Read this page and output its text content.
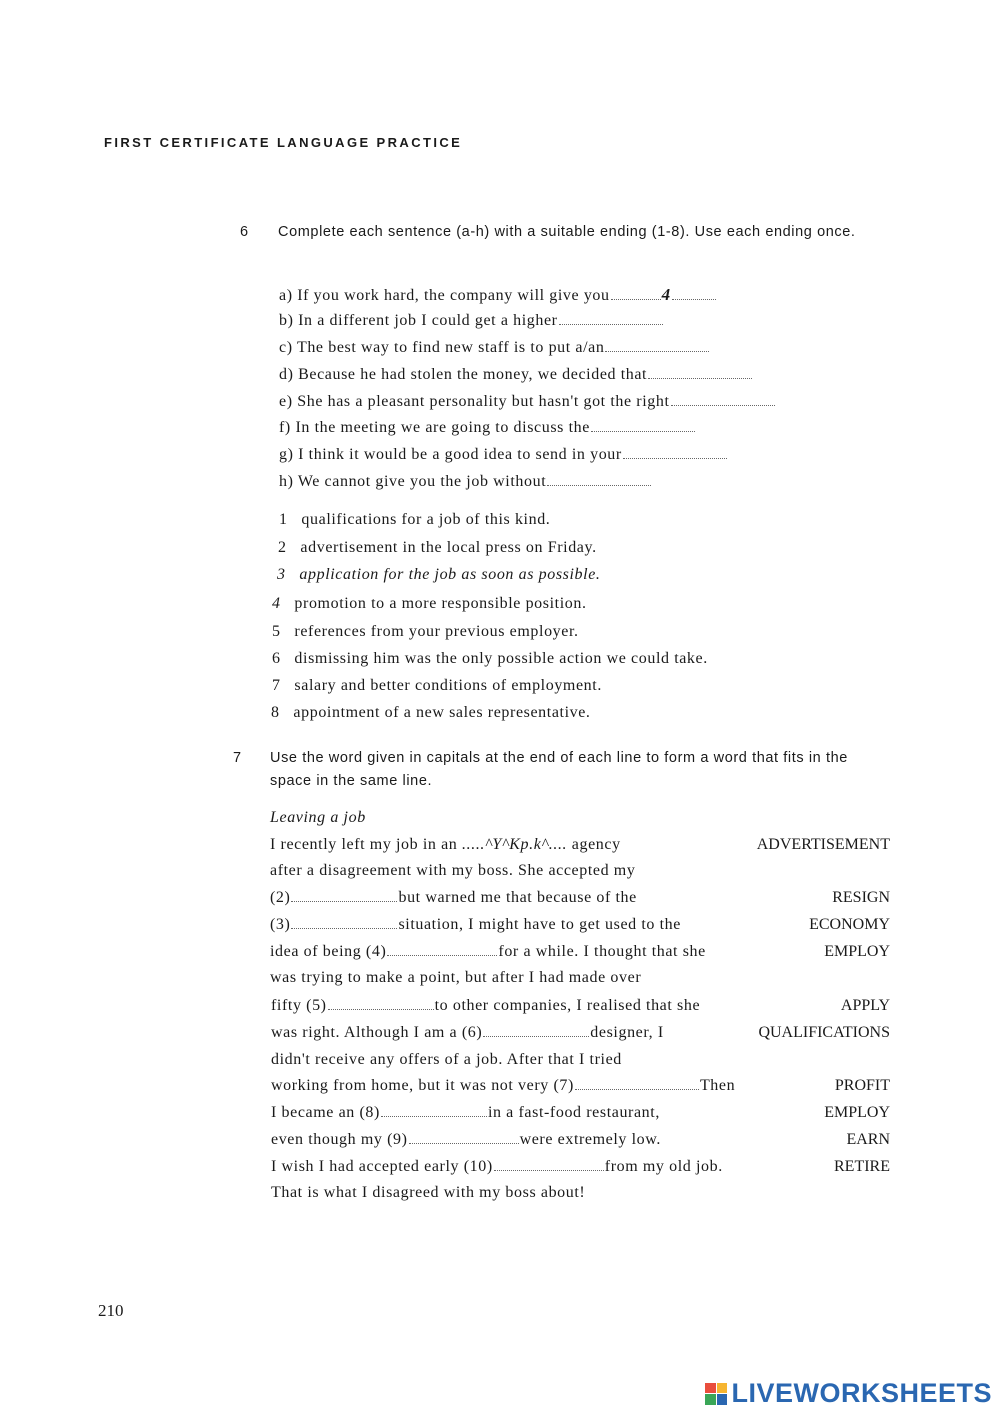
FIRST CERTIFICATE LANGUAGE PRACTICE
6 Complete each sentence (a-h) with a suitable ending (1-8). Use each ending once.
a) If you work hard, the company will give you	4
b) In a different job I could get a higher
c) The best way to find new staff is to put a/an
d) Because he had stolen the money, we decided that
e) She has a pleasant personality but hasn't got the right
f) In the meeting we are going to discuss the
g) I think it would be a good idea to send in your
h) We cannot give you the job without
1 qualifications for a job of this kind.
2 advertisement in the local press on Friday.
3 application for the job as soon as possible.
4 promotion to a more responsible position.
5 references from your previous employer.
6 dismissing him was the only possible action we could take.
7 salary and better conditions of employment.
8 appointment of a new sales representative.
7 Use the word given in capitals at the end of each line to form a word that fits in the space in the same line.
Leaving a job
I recently left my job in an .....^Y^Kp.k^.... agency	ADVERTISEMENT
after a disagreement with my boss. She accepted my
(2)	but warned me that because of the	RESIGN
(3)	situation, I might have to get used to the	ECONOMY
idea of being (4)	for a while. I thought that she	EMPLOY
was trying to make a point, but after I had made over
fifty (5)	to other companies, I realised that she	APPLY
was right. Although I am a (6)	designer, I	QUALIFICATIONS
didn't receive any offers of a job. After that I tried
working from home, but it was not very (7)	Then	PROFIT
I became an (8)	in a fast-food restaurant,	EMPLOY
even though my (9)	were extremely low.	EARN
I wish I had accepted early (10)	from my old job.	RETIRE
That is what I disagreed with my boss about!
210
LIVEWORKSHEETS
